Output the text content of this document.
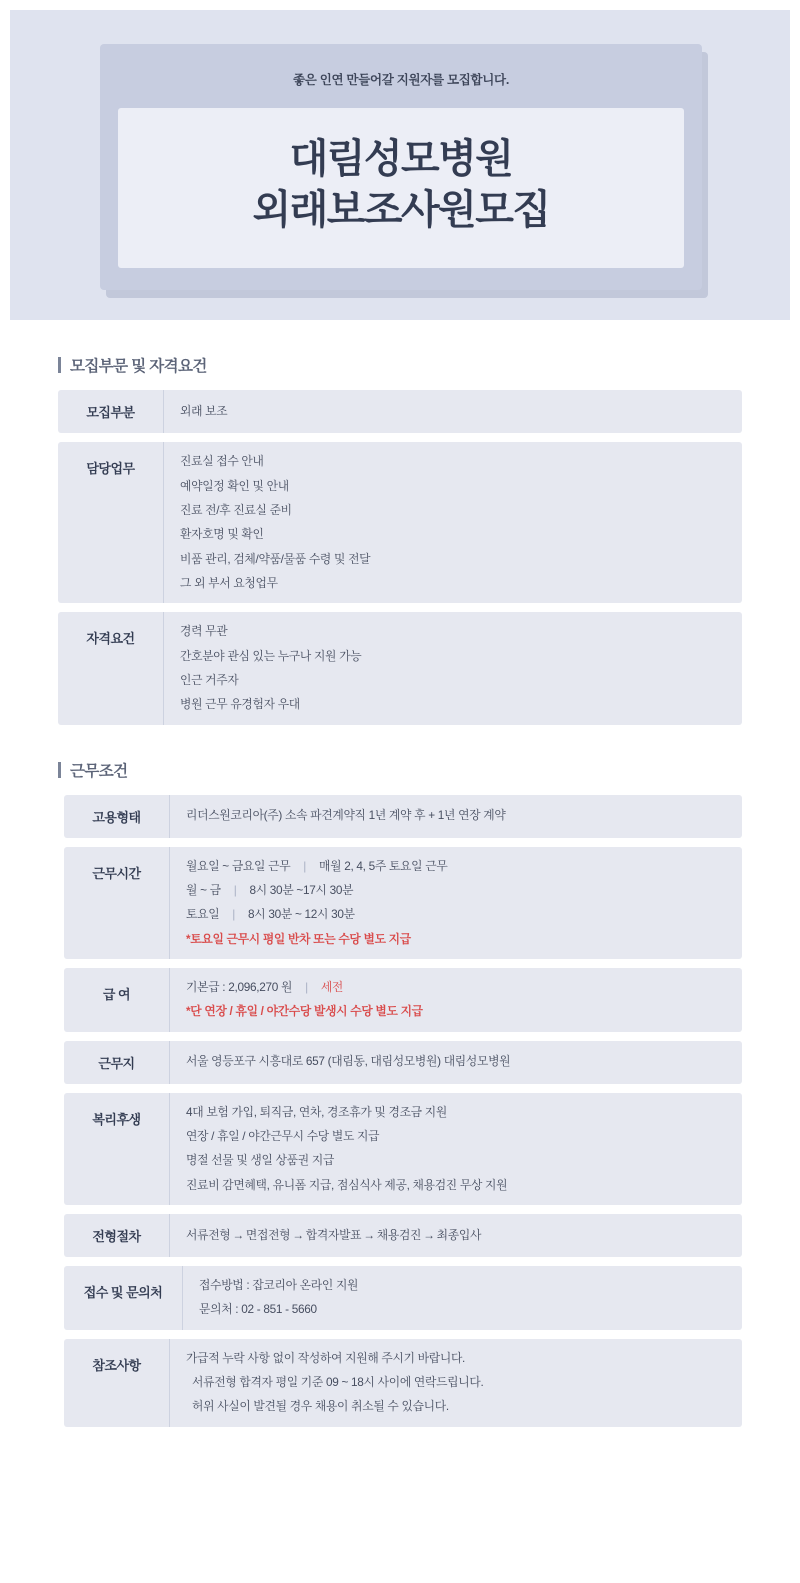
좋은 인연 만들어갈 지원자를 모집합니다.
대림성모병원
외래보조사원모집
모집부문 및 자격요건
모집부분	외래 보조
담당업무	진료실 접수 안내
예약일정 확인 및 안내
진료 전/후 진료실 준비
환자호명 및 확인
비품 관리, 검체/약품/물품 수령 및 전달
그 외 부서 요청업무
자격요건	경력 무관
간호분야 관심 있는 누구나 지원 가능
인근 거주자
병원 근무 유경험자 우대
근무조건
고용형태	리더스원코리아(주) 소속 파견계약직 1년 계약 후 + 1년 연장 계약
근무시간	월요일 ~ 금요일 근무 | 매월 2, 4, 5주 토요일 근무
월 ~ 금 | 8시 30분 ~17시 30분
토요일 | 8시 30분 ~ 12시 30분
*토요일 근무시 평일 반차 또는 수당 별도 지급
급 여	기본급 : 2,096,270 원 | 세전
*단 연장 / 휴일 / 야간수당 발생시 수당 별도 지급
근무지	서울 영등포구 시흥대로 657 (대림동, 대림성모병원) 대림성모병원
복리후생	4대 보험 가입, 퇴직금, 연차, 경조휴가 및 경조금 지원
연장 / 휴일 / 야간근무시 수당 별도 지급
명절 선물 및 생일 상품권 지급
진료비 감면혜택, 유니폼 지급, 점심식사 제공, 채용검진 무상 지원
전형절차	서류전형 → 면접전형 → 합격자발표 → 채용검진 → 최종입사
접수 및 문의처	접수방법 : 잡코리아 온라인 지원
문의처 : 02 - 851 - 5660
참조사항	가급적 누락 사항 없이 작성하여 지원해 주시기 바랍니다.
서류전형 합격자 평일 기준 09 ~ 18시 사이에 연락드립니다.
허위 사실이 발견될 경우 채용이 취소될 수 있습니다.
